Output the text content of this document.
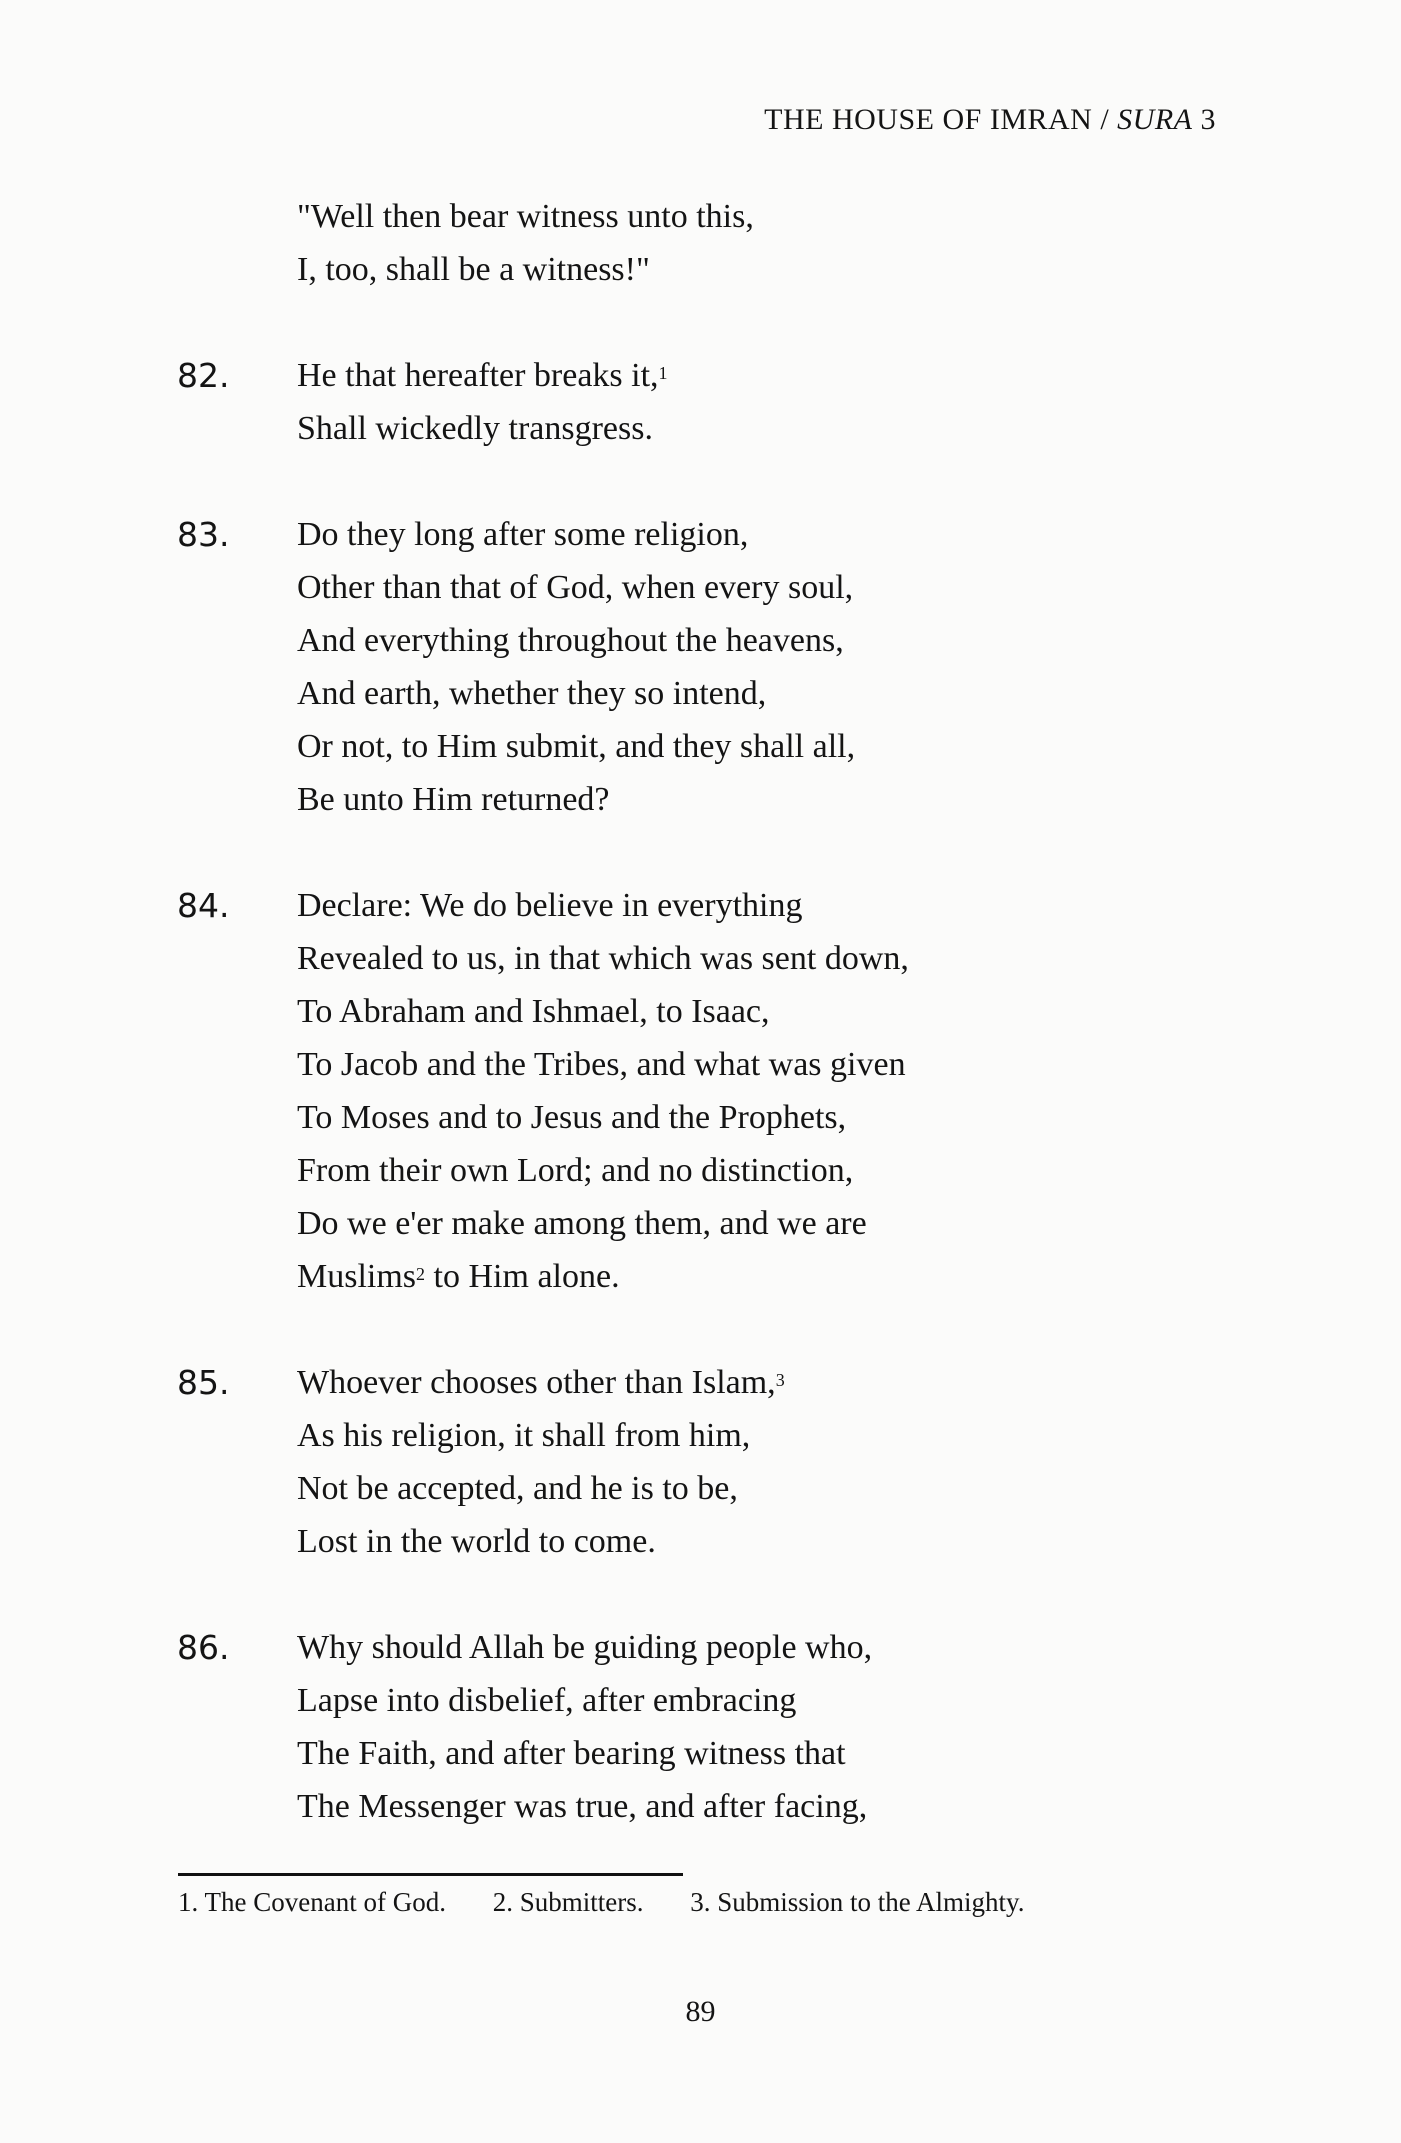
THE HOUSE OF IMRAN / SURA 3
"Well then bear witness unto this,
I, too, shall be a witness!"
82. He that hereafter breaks it,$^1$
Shall wickedly transgress.
83. Do they long after some religion,
Other than that of God, when every soul,
And everything throughout the heavens,
And earth, whether they so intend,
Or not, to Him submit, and they shall all,
Be unto Him returned?
84. Declare: We do believe in everything
Revealed to us, in that which was sent down,
To Abraham and Ishmael, to Isaac,
To Jacob and the Tribes, and what was given
To Moses and to Jesus and the Prophets,
From their own Lord; and no distinction,
Do we e'er make among them, and we are
Muslims$^2$ to Him alone.
85. Whoever chooses other than Islam,$^3$
As his religion, it shall from him,
Not be accepted, and he is to be,
Lost in the world to come.
86. Why should Allah be guiding people who,
Lapse into disbelief, after embracing
The Faith, and after bearing witness that
The Messenger was true, and after facing,
1. The Covenant of God. 2. Submitters. 3. Submission to the Almighty.
89
